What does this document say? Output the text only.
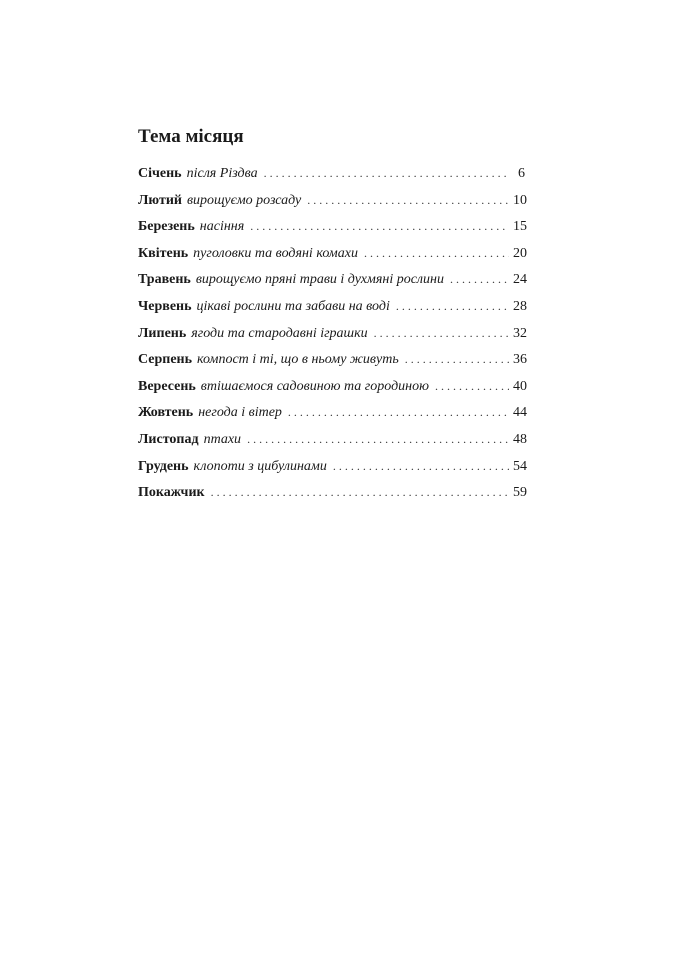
Тема місяця
Січень після Різдва . . .	6
Лютий вирощуємо розсаду . . .	10
Березень насіння . . .	15
Квітень пуголовки та водяні комахи . . .	20
Травень вирощуємо пряні трави і духмяні рослини . . .	24
Червень цікаві рослини та забави на воді . . .	28
Липень ягоди та стародавні іграшки . . .	32
Серпень компост і ті, що в ньому живуть . . .	36
Вересень втішаємося садовиною та городиною . . .	40
Жовтень негода і вітер . . .	44
Листопад птахи . . .	48
Грудень клопоти з цибулинами . . .	54
Покажчик . . .	59
